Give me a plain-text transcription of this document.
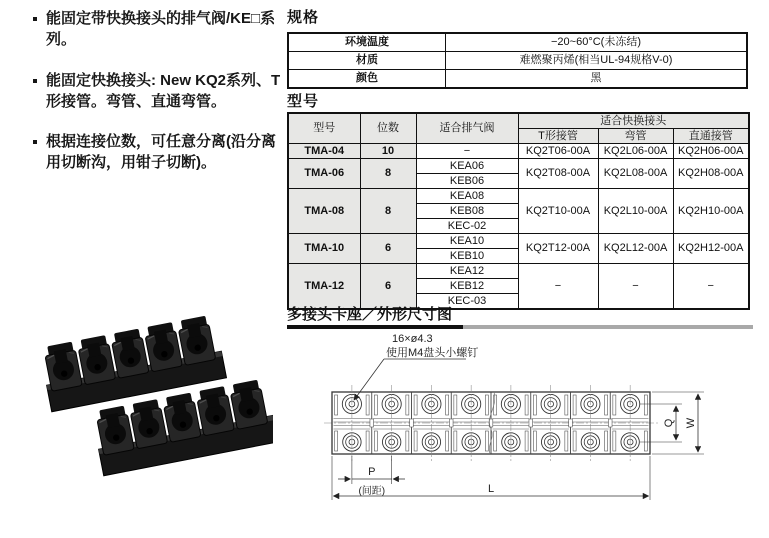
能固定带快换接头的排气阀/KE□系列。
能固定快换接头: New KQ2系列、T形接管。弯管、直通弯管。
根据连接位数，可任意分离(沿分离用切断沟，用钳子切断)。
规格
环境温度	−20~60°C(未冻结)
材质	难燃聚丙烯(相当UL-94规格V-0)
颜色	黑
型号
型号	位数	适合排气阀	适合快换接头		
			T形接管	弯管	直通接管
TMA-04	10	−	KQ2T06-00A	KQ2L06-00A	KQ2H06-00A
TMA-06	8	KEA06	KQ2T08-00A	KQ2L08-00A	KQ2H08-00A
		KEB06			
TMA-08	8	KEA08	KQ2T10-00A	KQ2L10-00A	KQ2H10-00A
		KEB08			
		KEC-02			
TMA-10	6	KEA10	KQ2T12-00A	KQ2L12-00A	KQ2H12-00A
		KEB10			
TMA-12	6	KEA12	−	−	−
		KEB12			
		KEC-03			
多接头卡座／外形尺寸图
16×ø4.3
使用M4盘头小螺钉
Q W
P
(间距)	L
